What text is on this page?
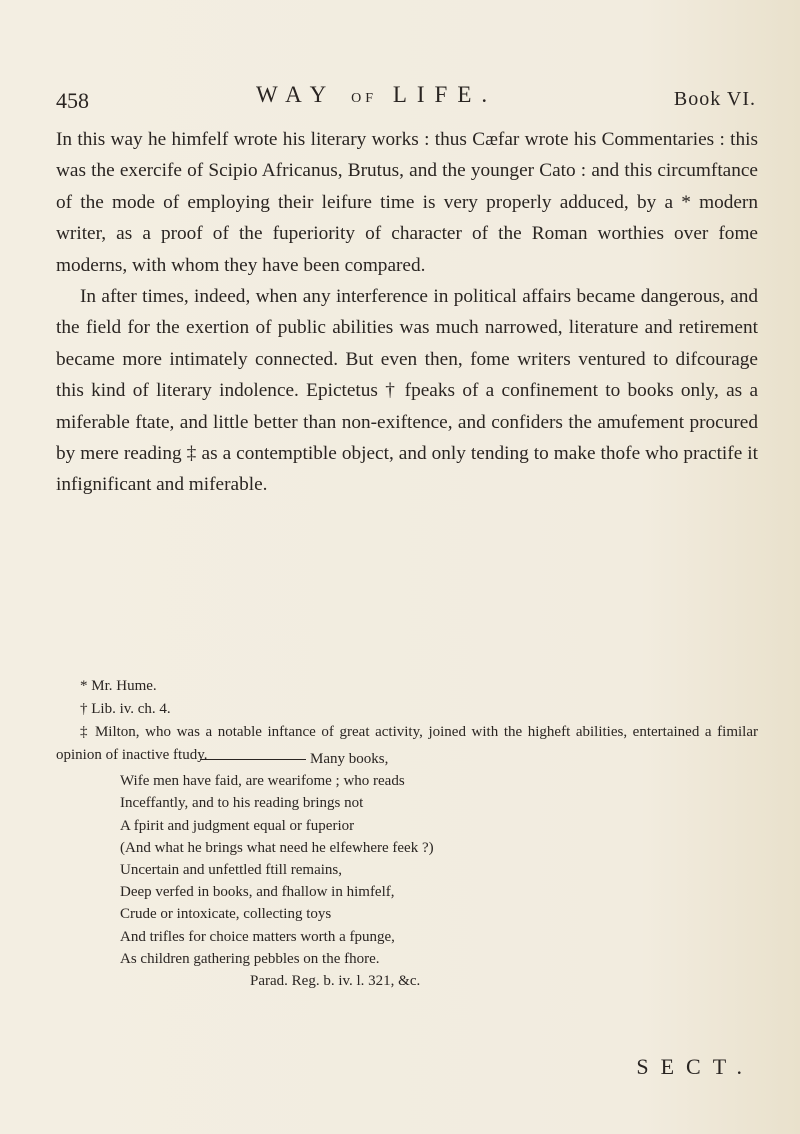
458	WAY OF LIFE.	Book VI.

In this way he himfelf wrote his literary works : thus Cæfar wrote his Commentaries : this was the exercife of Scipio Africanus, Brutus, and the younger Cato : and this circumftance of the mode of employing their leifure time is very properly adduced, by a * modern writer, as a proof of the fuperiority of character of the Roman worthies over fome moderns, with whom they have been compared.

In after times, indeed, when any interference in political affairs became dangerous, and the field for the exertion of public abilities was much narrowed, literature and retirement became more intimately connected. But even then, fome writers ventured to difcourage this kind of literary indolence. Epictetus † fpeaks of a confinement to books only, as a miferable ftate, and little better than non-exiftence, and confiders the amufement procured by mere reading ‡ as a contemptible object, and only tending to make thofe who practife it infignificant and miferable.

* Mr. Hume.

† Lib. iv. ch. 4.

‡ Milton, who was a notable inftance of great activity, joined with the higheft abilities, entertained a fimilar opinion of inactive ftudy.	Many books,

Wife men have faid, are wearifome ; who reads

Inceffantly, and to his reading brings not

A fpirit and judgment equal or fuperior

(And what he brings what need he elfewhere feek ?)

Uncertain and unfettled ftill remains,

Deep verfed in books, and fhallow in himfelf,

Crude or intoxicate, collecting toys

And trifles for choice matters worth a fpunge,

As children gathering pebbles on the fhore.

Parad. Reg. b. iv. l. 321, &c.

SECT.
